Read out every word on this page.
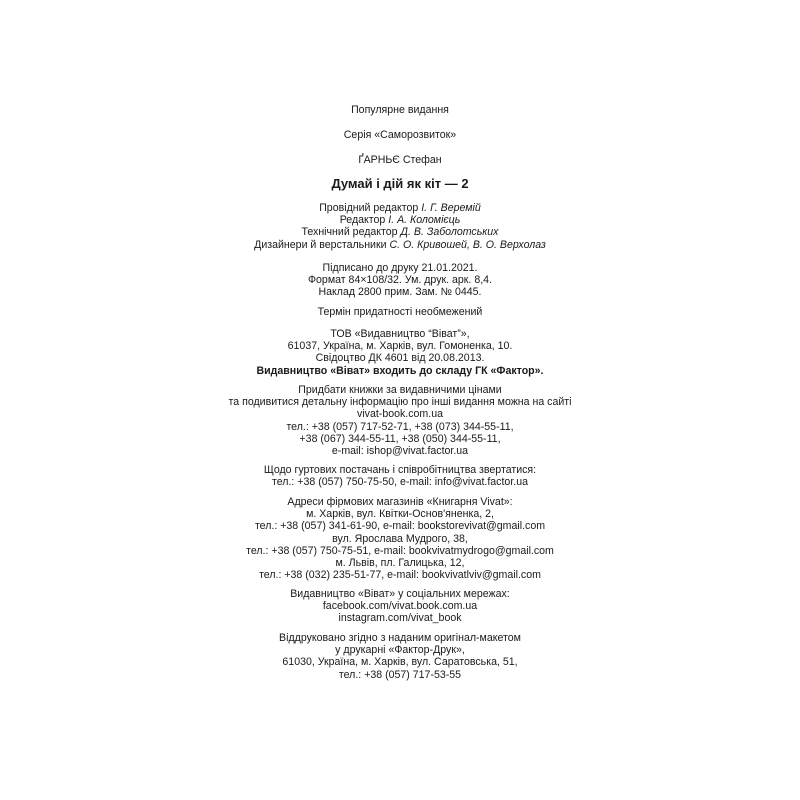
Популярне видання
Серія «Саморозвиток»
ҐАРНЬЄ Стефан
Думай і дій як кіт — 2
Провідний редактор І. Г. Веремій
Редактор І. А. Коломієць
Технічний редактор Д. В. Заболотських
Дизайнери й верстальники С. О. Кривошей, В. О. Верхолаз
Підписано до друку 21.01.2021.
Формат 84×108/32. Ум. друк. арк. 8,4.
Наклад 2800 прим. Зам. № 0445.
Термін придатності необмежений
ТОВ «Видавництво “Віват”»,
61037, Україна, м. Харків, вул. Гомоненка, 10.
Свідоцтво ДК 4601 від 20.08.2013.
Видавництво «Віват» входить до складу ГК «Фактор».
Придбати книжки за видавничими цінами
та подивитися детальну інформацію про інші видання можна на сайті
vivat-book.com.ua
тел.: +38 (057) 717-52-71, +38 (073) 344-55-11,
+38 (067) 344-55-11, +38 (050) 344-55-11,
e-mail: ishop@vivat.factor.ua
Щодо гуртових постачань і співробітництва звертатися:
тел.: +38 (057) 750-75-50, e-mail: info@vivat.factor.ua
Адреси фірмових магазинів «Книгарня Vivat»:
м. Харків, вул. Квітки-Основ'яненка, 2,
тел.: +38 (057) 341-61-90, e-mail: bookstorevivat@gmail.com
вул. Ярослава Мудрого, 38,
тел.: +38 (057) 750-75-51, e-mail: bookvivatmydrogo@gmail.com
м. Львів, пл. Галицька, 12,
тел.: +38 (032) 235-51-77, e-mail: bookvivatlviv@gmail.com
Видавництво «Віват» у соціальних мережах:
facebook.com/vivat.book.com.ua
instagram.com/vivat_book
Віддруковано згідно з наданим оригінал-макетом
у друкарні «Фактор-Друк»,
61030, Україна, м. Харків, вул. Саратовська, 51,
тел.: +38 (057) 717-53-55
